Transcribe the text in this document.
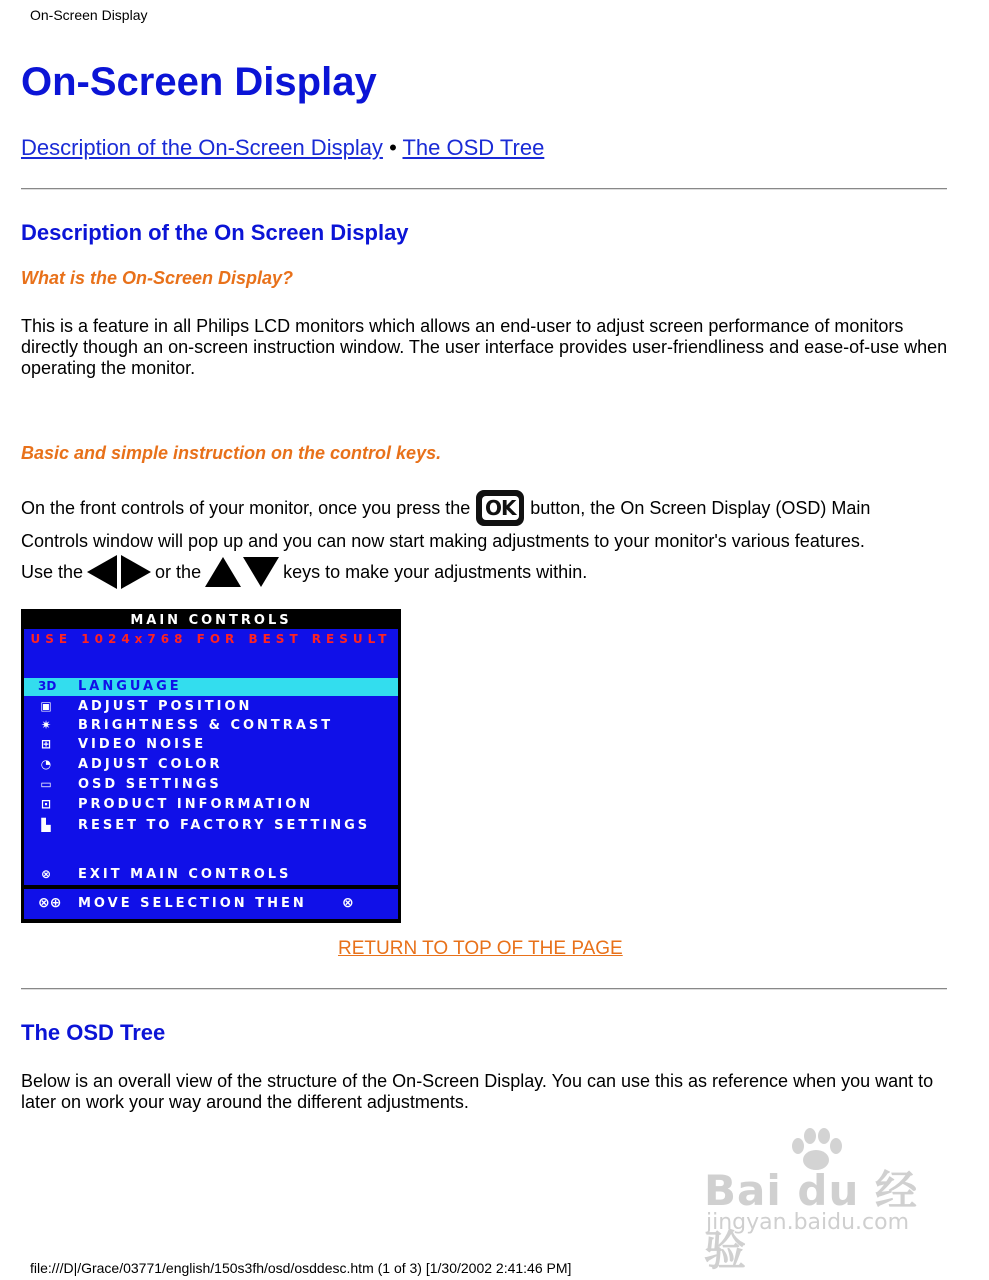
On-Screen Display
On-Screen Display
Description of the On-Screen Display • The OSD Tree
Description of the On Screen Display
What is the On-Screen Display?

This is a feature in all Philips LCD monitors which allows an end-user to adjust screen performance of monitors directly though an on-screen instruction window. The user interface provides user-friendliness and ease-of-use when operating the monitor.

Basic and simple instruction on the control keys.
On the front controls of your monitor, once you press the OK button, the On Screen Display (OSD) Main
Controls window will pop up and you can now start making adjustments to your monitor's various features.
Use the	or the	keys to make your adjustments within.
MAIN CONTROLS
USE 1024x768 FOR BEST RESULT
3D LANGUAGE
▣ ADJUST POSITION
✷ BRIGHTNESS & CONTRAST
⊞ VIDEO NOISE
◔ ADJUST COLOR
▭ OSD SETTINGS
⊡ PRODUCT INFORMATION
▙ RESET TO FACTORY SETTINGS
⊗ EXIT MAIN CONTROLS
⊗⊕ MOVE SELECTION THEN	⊗
RETURN TO TOP OF THE PAGE
The OSD Tree

Below is an overall view of the structure of the On-Screen Display. You can use this as reference when you want to later on work your way around the different adjustments.

Bai du 经验
jingyan.baidu.com
file:///D|/Grace/03771/english/150s3fh/osd/osddesc.htm (1 of 3) [1/30/2002 2:41:46 PM]
